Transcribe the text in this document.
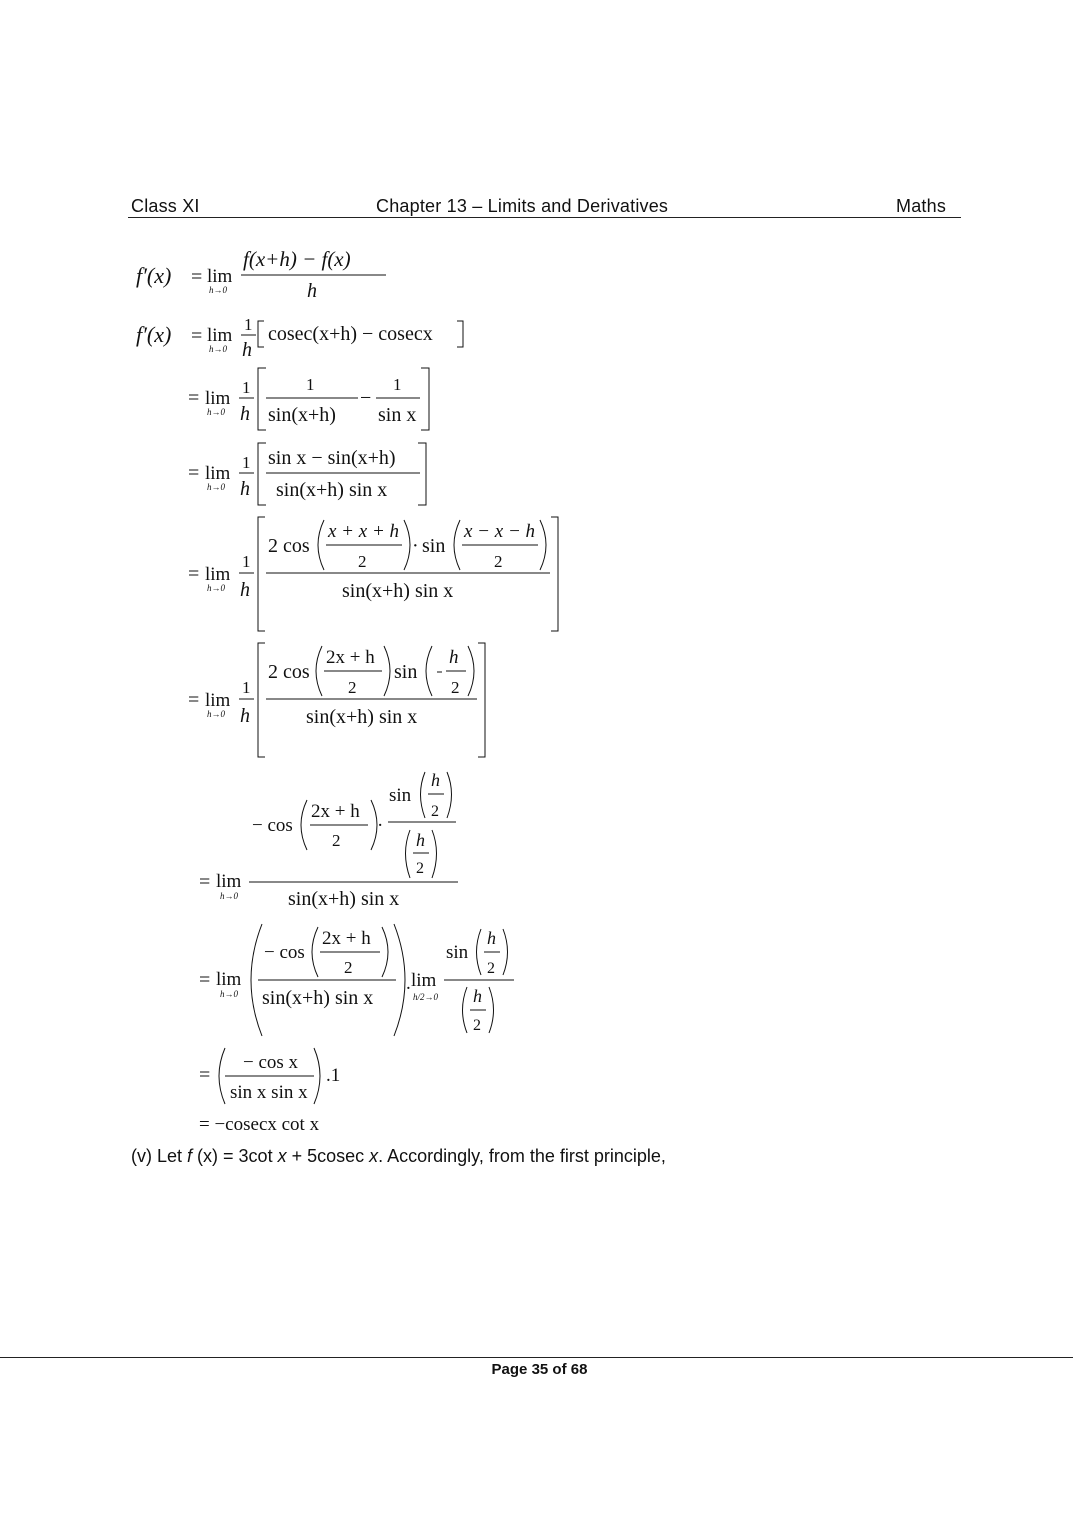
Class XI	Chapter 13 – Limits and Derivatives	Maths
f′(x) = lim
h→0
f(x+h) − f(x)
h
f′(x) = lim
h→0
1
h
cosec(x+h) − cosecx
= lim
h→0
1
h
1
sin(x+h)
−
1
sin x
= lim
h→0
1
h
sin x − sin(x+h)
sin(x+h) sin x
= lim
h→0
1
h
2 cos
x + x + h
2
· sin
x − x − h
2
sin(x+h) sin x
= lim
h→0
1
h
2 cos
2x + h
2
sin
h
2
sin(x+h) sin x
− cos
2x + h
2
·
sin
h
2
h
2
= lim
h→0	sin(x+h) sin x
= lim
h→0
− cos
2x + h
2
sin(x+h) sin x
. lim
h/2→0
sin
h
2
h
2
=
− cos x
sin x sin x
.1
= −cosecx cot x
(v) Let f (x) = 3cot x + 5cosec x. Accordingly, from the first principle,
Page 35 of 68
